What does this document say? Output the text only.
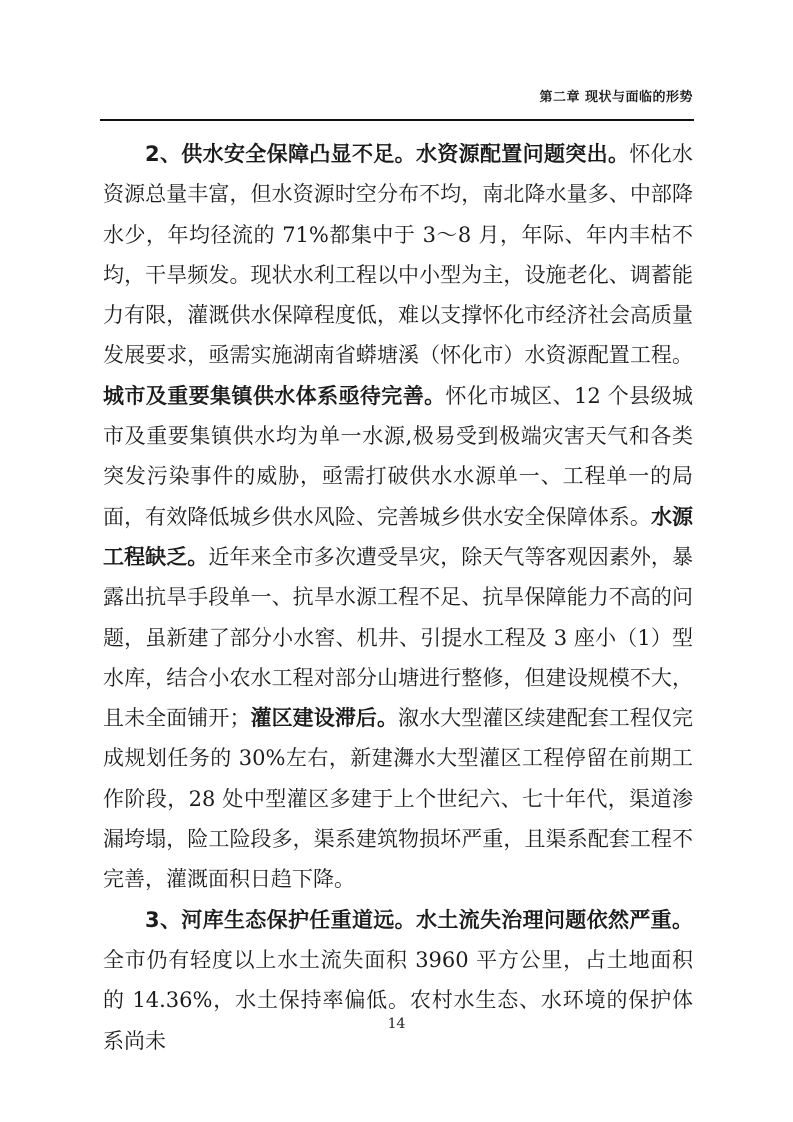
第二章 现状与面临的形势

2、供水安全保障凸显不足。水资源配置问题突出。怀化水资源总量丰富，但水资源时空分布不均，南北降水量多、中部降水少，年均径流的 71%都集中于 3～8 月，年际、年内丰枯不均，干旱频发。现状水利工程以中小型为主，设施老化、调蓄能力有限，灌溉供水保障程度低，难以支撑怀化市经济社会高质量发展要求，亟需实施湖南省蟒塘溪（怀化市）水资源配置工程。城市及重要集镇供水体系亟待完善。怀化市城区、12 个县级城市及重要集镇供水均为单一水源,极易受到极端灾害天气和各类突发污染事件的威胁，亟需打破供水水源单一、工程单一的局面，有效降低城乡供水风险、完善城乡供水安全保障体系。水源工程缺乏。近年来全市多次遭受旱灾，除天气等客观因素外，暴露出抗旱手段单一、抗旱水源工程不足、抗旱保障能力不高的问题，虽新建了部分小水窖、机井、引提水工程及 3 座小（1）型水库，结合小农水工程对部分山塘进行整修，但建设规模不大，且未全面铺开；灌区建设滞后。溆水大型灌区续建配套工程仅完成规划任务的 30%左右，新建㵲水大型灌区工程停留在前期工作阶段，28 处中型灌区多建于上个世纪六、七十年代，渠道渗漏垮塌，险工险段多，渠系建筑物损坏严重，且渠系配套工程不完善，灌溉面积日趋下降。

3、河库生态保护任重道远。水土流失治理问题依然严重。全市仍有轻度以上水土流失面积 3960 平方公里，占土地面积的 14.36%，水土保持率偏低。农村水生态、水环境的保护体系尚未

14
